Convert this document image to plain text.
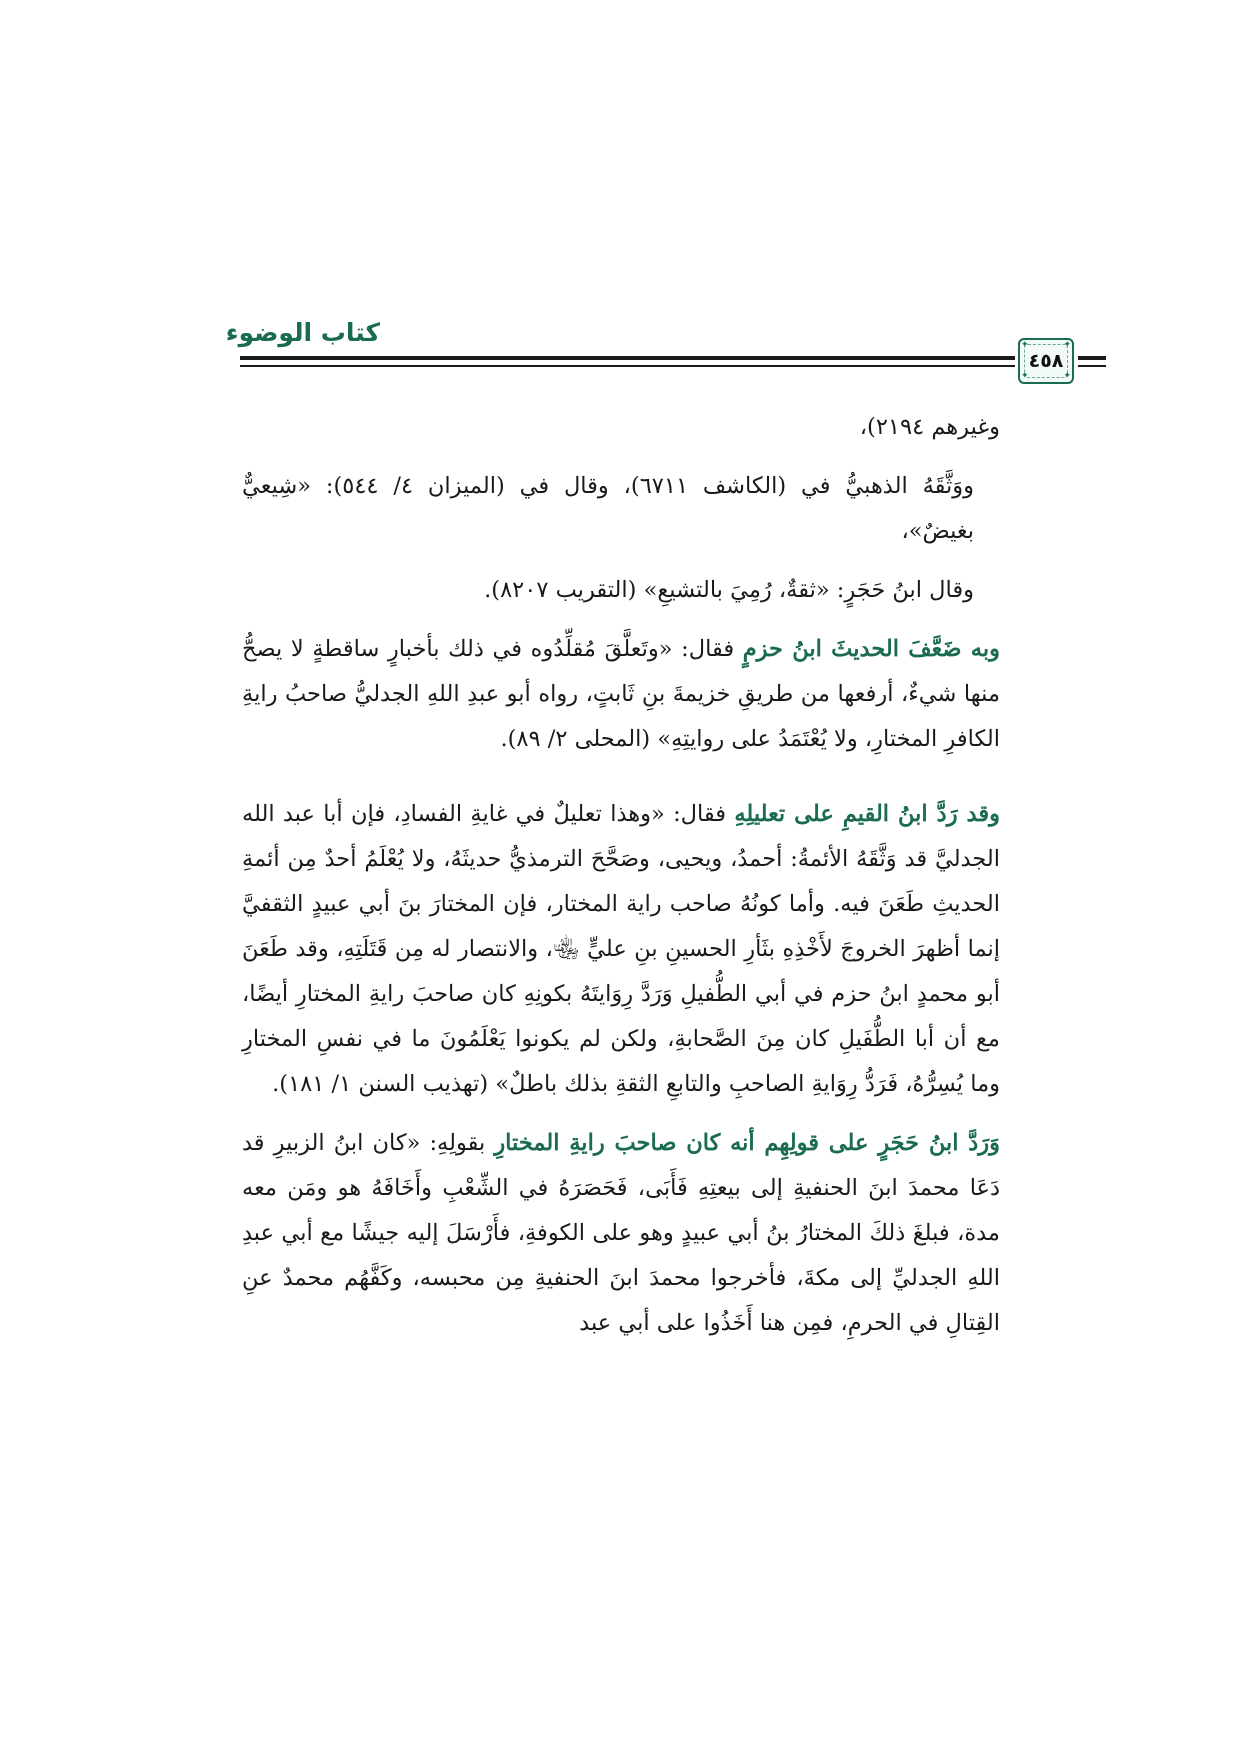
كتاب الوضوء	✦	✦
✦	✦
٤٥٨

وغيرهم ٢١٩٤)،

ووَثَّقَهُ الذهبيُّ في (الكاشف ٦٧١١)، وقال في (الميزان ٤/ ٥٤٤): «شِيعيٌّ بغيضٌ»،

وقال ابنُ حَجَرٍ: «ثقةٌ، رُمِيَ بالتشيعِ» (التقريب ٨٢٠٧).

وبه ضَعَّفَ الحديثَ ابنُ حزمٍ فقال: «وتَعلَّقَ مُقلِّدُوه في ذلك بأخبارٍ ساقطةٍ لا يصحُّ منها شيءٌ، أرفعها من طريقِ خزيمةَ بنِ ثَابتٍ، رواه أبو عبدِ اللهِ الجدليُّ صاحبُ رايةِ الكافرِ المختارِ، ولا يُعْتَمَدُ على روايتِهِ» (المحلى ٢/ ٨٩).

وقد رَدَّ ابنُ القيمِ على تعليلِهِ فقال: «وهذا تعليلٌ في غايةِ الفسادِ، فإن أبا عبد الله الجدليَّ قد وَثَّقَهُ الأئمةُ: أحمدُ، ويحيى، وصَحَّحَ الترمذيُّ حديثَهُ، ولا يُعْلَمُ أحدٌ مِن أئمةِ الحديثِ طَعَنَ فيه. وأما كونُهُ صاحب راية المختار، فإن المختارَ بنَ أبي عبيدٍ الثقفيَّ إنما أظهرَ الخروجَ لأَخْذِهِ بثَأرِ الحسينِ بنِ عليٍّ ﵄، والانتصار له مِن قَتَلَتِهِ، وقد طَعَنَ أبو محمدٍ ابنُ حزم في أبي الطُّفيلِ وَرَدَّ رِوَايتَهُ بكونِهِ كان صاحبَ رايةِ المختارِ أيضًا، مع أن أبا الطُّفَيلِ كان مِنَ الصَّحابةِ، ولكن لم يكونوا يَعْلَمُونَ ما في نفسِ المختارِ وما يُسِرُّهُ، فَرَدُّ رِوَايةِ الصاحبِ والتابعِ الثقةِ بذلك باطلٌ» (تهذيب السنن ١/ ١٨١).

وَرَدَّ ابنُ حَجَرٍ على قولِهِم أنه كان صاحبَ رايةِ المختارِ بقولِهِ: «كان ابنُ الزبيرِ قد دَعَا محمدَ ابنَ الحنفيةِ إلى بيعتِهِ فَأَبَى، فَحَصَرَهُ في الشِّعْبِ وأَخَافَهُ هو ومَن معه مدة، فبلغَ ذلكَ المختارُ بنُ أبي عبيدٍ وهو على الكوفةِ، فأَرْسَلَ إليه جيشًا مع أبي عبدِ اللهِ الجدليِّ إلى مكةَ، فأخرجوا محمدَ ابنَ الحنفيةِ مِن محبسه، وكَفَّهُم محمدٌ عنِ القِتالِ في الحرمِ، فمِن هنا أَخَذُوا على أبي عبد
